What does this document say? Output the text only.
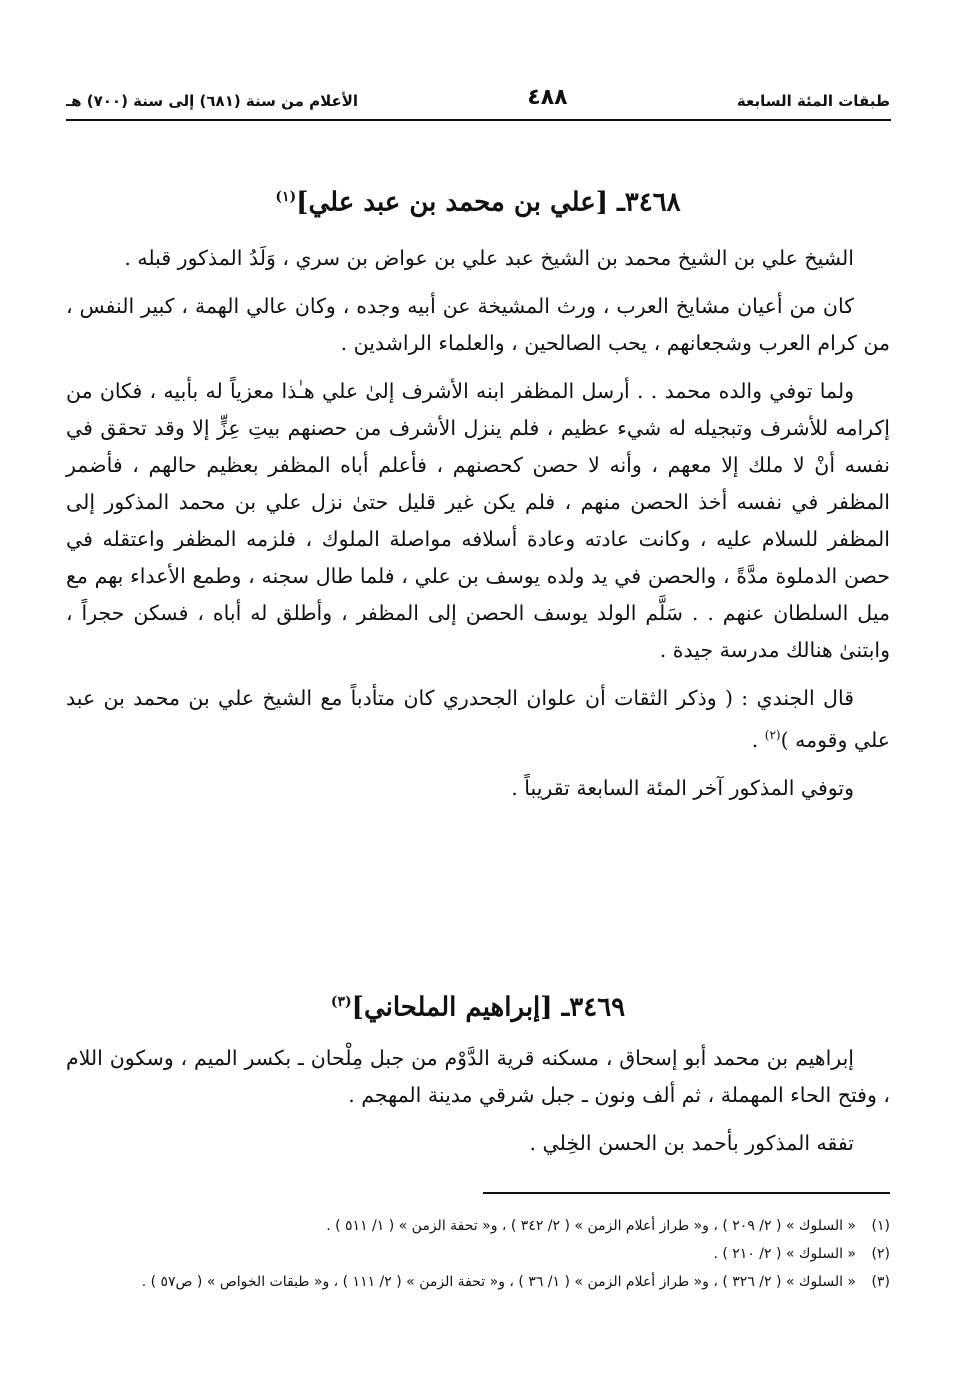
طبقات المئة السابعة
٤٨٨
الأعلام من سنة (٦٨١) إلى سنة (٧٠٠) هـ
٣٤٦٨ـ [علي بن محمد بن عبد علي]$^{(١)}$

الشيخ علي بن الشيخ محمد بن الشيخ عبد علي بن عواض بن سري ، وَلَدُ المذكور قبله .

كان من أعيان مشايخ العرب ، ورث المشيخة عن أبيه وجده ، وكان عالي الهمة ، كبير النفس ، من كرام العرب وشجعانهم ، يحب الصالحين ، والعلماء الراشدين .

ولما توفي والده محمد . . أرسل المظفر ابنه الأشرف إلىٰ علي هـٰذا معزياً له بأبيه ، فكان من إكرامه للأشرف وتبجيله له شيء عظيم ، فلم ينزل الأشرف من حصنهم بيتِ عِزٍّ إلا وقد تحقق في نفسه أنْ لا ملك إلا معهم ، وأنه لا حصن كحصنهم ، فأعلم أباه المظفر بعظيم حالهم ، فأضمر المظفر في نفسه أخذ الحصن منهم ، فلم يكن غير قليل حتىٰ نزل علي بن محمد المذكور إلى المظفر للسلام عليه ، وكانت عادته وعادة أسلافه مواصلة الملوك ، فلزمه المظفر واعتقله في حصن الدملوة مدَّةً ، والحصن في يد ولده يوسف بن علي ، فلما طال سجنه ، وطمع الأعداء بهم مع ميل السلطان عنهم . . سَلَّم الولد يوسف الحصن إلى المظفر ، وأطلق له أباه ، فسكن حجراً ، وابتنىٰ هنالك مدرسة جيدة .

قال الجندي : ( وذكر الثقات أن علوان الجحدري كان متأدباً مع الشيخ علي بن محمد بن عبد علي وقومه )$^{(٢)}$ .

وتوفي المذكور آخر المئة السابعة تقريباً .

٣٤٦٩ـ [إبراهيم الملحاني]$^{(٣)}$

إبراهيم بن محمد أبو إسحاق ، مسكنه قرية الدَّوْم من جبل مِلْحان ـ بكسر الميم ، وسكون اللام ، وفتح الحاء المهملة ، ثم ألف ونون ـ جبل شرقي مدينة المهجم .

تفقه المذكور بأحمد بن الحسن الخِلي .

(١)
« السلوك » ( ٢/ ٢٠٩ ) ، و« طراز أعلام الزمن » ( ٢/ ٣٤٢ ) ، و« تحفة الزمن » ( ١/ ٥١١ ) .
(٢)
« السلوك » ( ٢/ ٢١٠ ) .
(٣)
« السلوك » ( ٢/ ٣٢٦ ) ، و« طراز أعلام الزمن » ( ١/ ٣٦ ) ، و« تحفة الزمن » ( ٢/ ١١١ ) ، و« طبقات الخواص » ( ص٥٧ ) .
